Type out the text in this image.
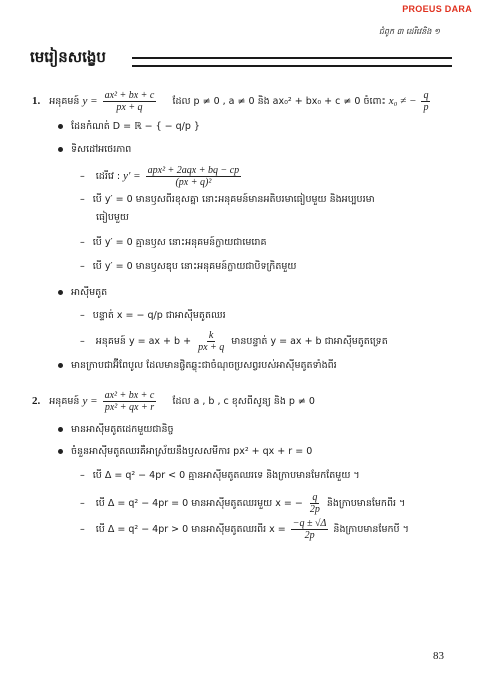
PROEUS DARA
ជំពូក ៣ ដេរីវេនិង ១
មេរៀនសង្ខេប
1. អនុគមន៍ $y = \frac{\text{ax² + bx + c}}{px + q}$ ដែល p ≠ 0 , a ≠ 0 និង ax₀² + bx₀ + c ≠ 0 ចំពោះ x₀ ≠ − $\frac{q}{p}$
ដែនកំណត់ D = ℝ − { − q/p }
ទិសដៅអថេរភាព
– ដេរីវេ : $y' = \frac{\text{apx² + 2aqx + bq − cp}}{\text{(px + q)²}}$
– បើ y′ = 0 មានឫសពីរខុសគ្នា នោះអនុគមន៍មានអតិបរមាធៀបមួយ និងអប្បបរមា
ធៀបមួយ
– បើ y′ = 0 គ្មានឫស នោះអនុគមន៍ក្លាយជាមេរោគ
– បើ y′ = 0 មានឫសឌុប នោះអនុគមន៍ក្លាយជាបិទក្រិតមួយ
អាស៊ីមតូត
– បន្ទាត់ x = − q/p ជាអាស៊ីមតូតឈរ
– អនុគមន៍ y = ax + $b + \frac{k}{px + q}$ មានបន្ទាត់ y = ax + b ជាអាស៊ីមតូតទ្រេត
មានក្រាបជាអ៊ីពែបូល ដែលមានផ្ចិតឆ្លុះជាចំណុចប្រសព្វរបស់អាស៊ីមតូតទាំងពីរ
2. អនុគមន៍ $y = \frac{\text{ax² + bx + c}}{\text{px² + qx + r}}$ ដែល a , b , c ខុសពីសូន្យ និង p ≠ 0
មានអាស៊ីមតូតដេកមួយជានិច្ច
ចំនួនអាស៊ីមតូតឈរគឺអាស្រ័យនឹងឫសសមីការ px² + qx + r = 0
– បើ Δ = q² − 4pr < 0 គ្មានអាស៊ីមតូតឈរទេ និងក្រាបមានមែកតែមួយ ។
– បើ Δ = q² − 4pr = 0 មានអាស៊ីមតូតឈរមួយ x = − $\frac{q}{2p}$ និងក្រាបមានមែកពីរ ។
– បើ Δ = q² − 4pr > 0 មានអាស៊ីមតូតឈរពីរ $x = \frac{-q \pm √\Delta}{2p}$ និងក្រាបមានមែកបី ។
83
